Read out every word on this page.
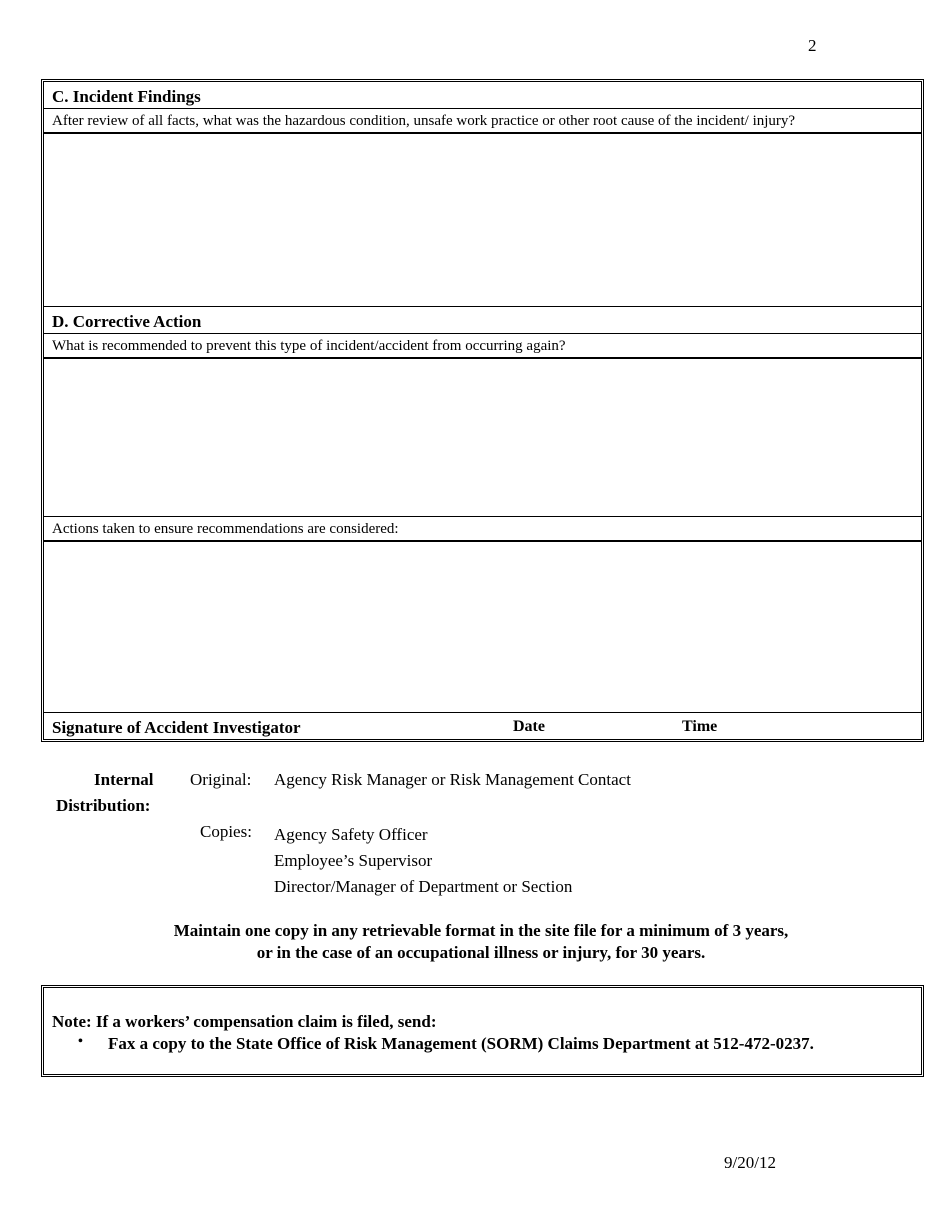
2
C. Incident Findings
After review of all facts, what was the hazardous condition, unsafe work practice or other root cause of the incident/ injury?
D. Corrective Action
What is recommended to prevent this type of incident/accident from occurring again?
Actions taken to ensure recommendations are considered:
Signature of Accident Investigator	Date	Time
Internal
Distribution:
Original: Agency Risk Manager or Risk Management Contact
Copies: Agency Safety Officer
Employee’s Supervisor
Director/Manager of Department or Section
Maintain one copy in any retrievable format in the site file for a minimum of 3 years,
or in the case of an occupational illness or injury, for 30 years.
Note: If a workers’ compensation claim is filed, send:
• Fax a copy to the State Office of Risk Management (SORM) Claims Department at 512-472-0237.
9/20/12
